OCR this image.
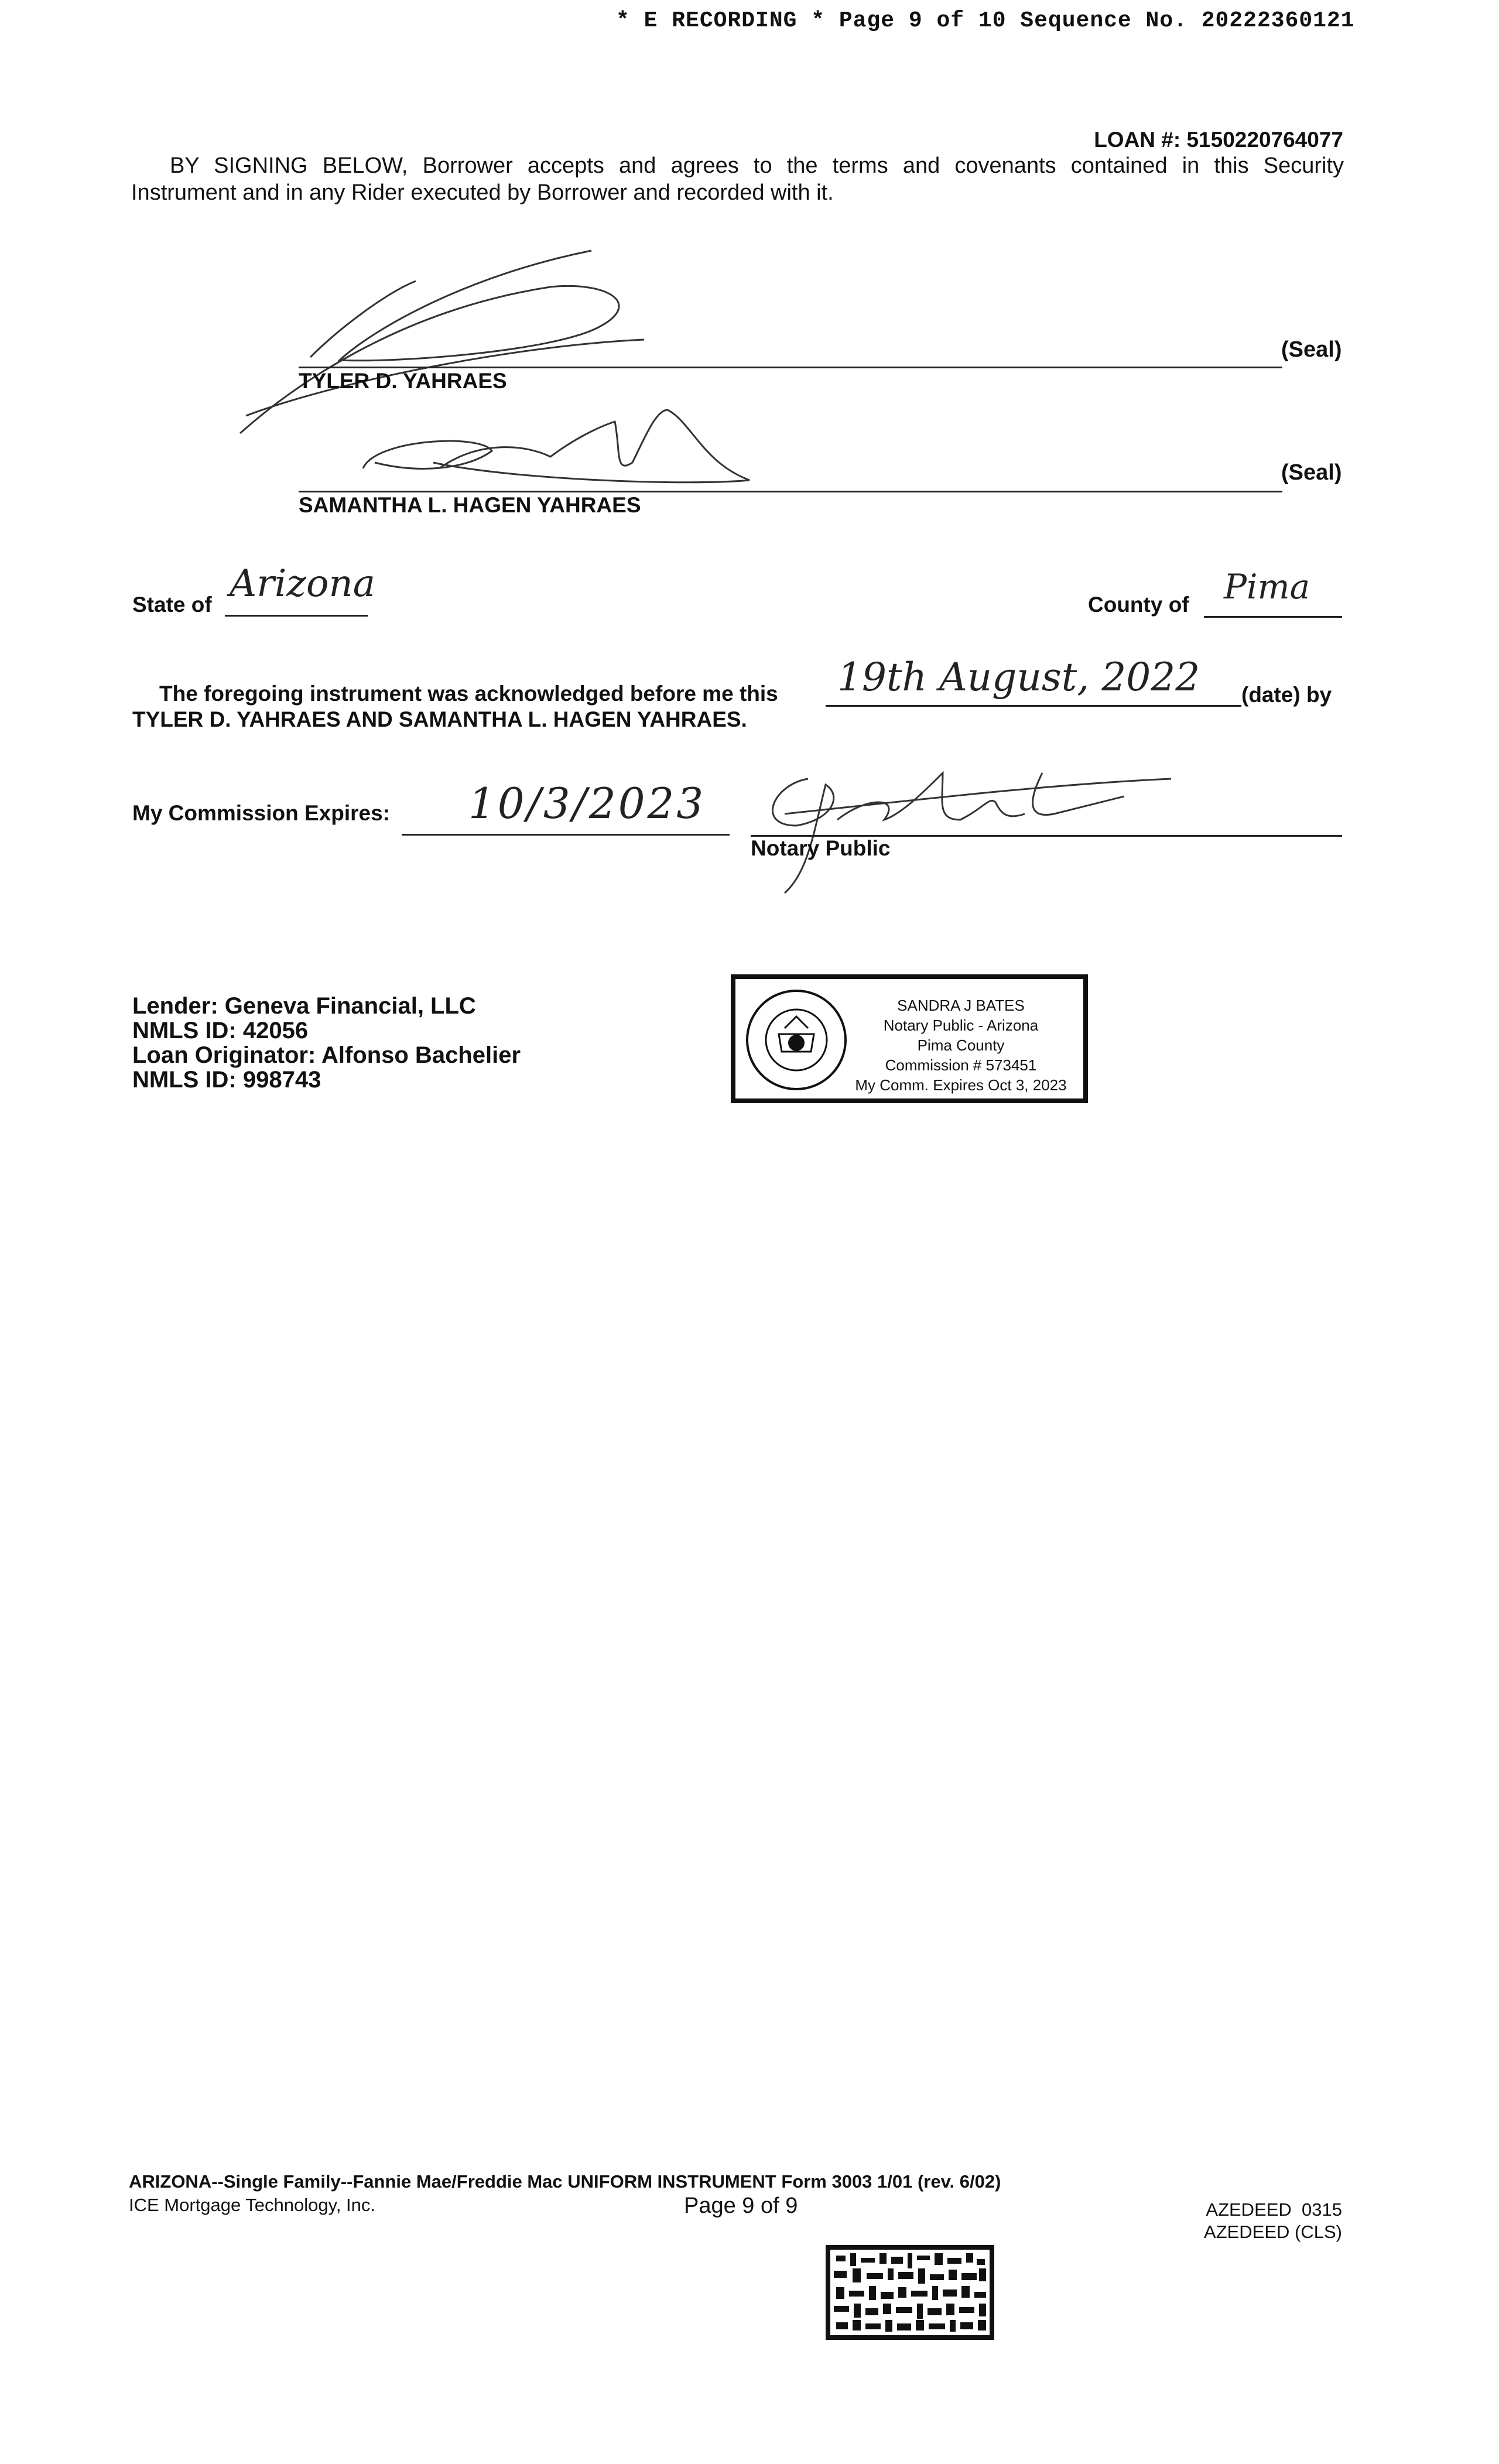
* E RECORDING * Page 9 of 10 Sequence No. 20222360121
LOAN #: 5150220764077
BY SIGNING BELOW, Borrower accepts and agrees to the terms and covenants contained in this Security
Instrument and in any Rider executed by Borrower and recorded with it.
(Seal)
TYLER D. YAHRAES
(Seal)
SAMANTHA L. HAGEN YAHRAES
State of Arizona	County of Pima
The foregoing instrument was acknowledged before me this 19th August, 2022 (date) by
TYLER D. YAHRAES AND SAMANTHA L. HAGEN YAHRAES.
My Commission Expires: 10/3/2023
Notary Public
Lender: Geneva Financial, LLC
NMLS ID: 42056
Loan Originator: Alfonso Bachelier
NMLS ID: 998743
SANDRA J BATES
Notary Public - Arizona
Pima County
Commission # 573451
My Comm. Expires Oct 3, 2023
ARIZONA--Single Family--Fannie Mae/Freddie Mac UNIFORM INSTRUMENT Form 3003 1/01 (rev. 6/02)
ICE Mortgage Technology, Inc.	Page 9 of 9	AZEDEED  0315
AZEDEED (CLS)
